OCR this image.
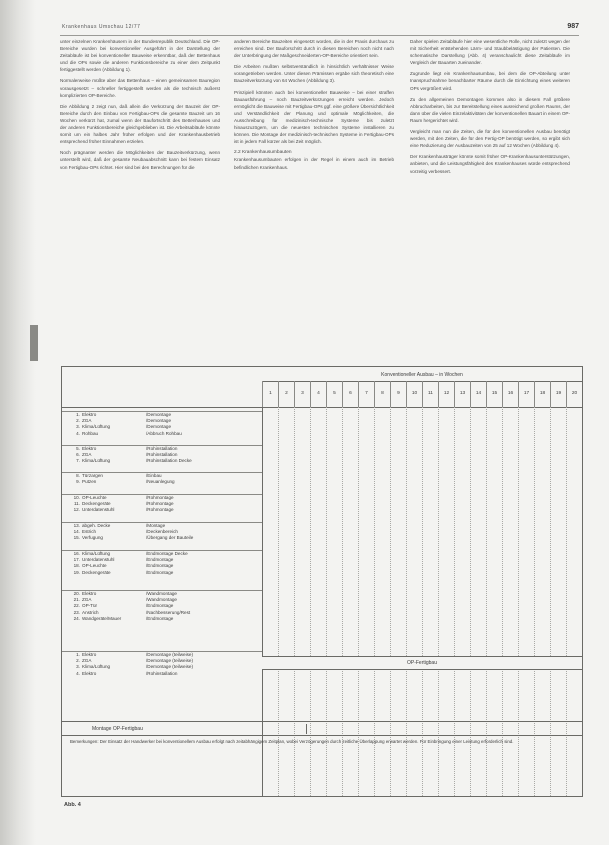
Krankenhaus Umschau 12/77	987

unter einzelnen Krankenhäusern in der Bundesrepublik Deutschland. Die OP-Bereiche wurden bei konventioneller Ausgeführt in der Darstellung der Zeitabläufe ist bei konventioneller Bauweise erkenntbar, daß der Bettenhaus und die OPs sowie die anderen Funktionsbereiche zu einer dem Zeitpunkt fertiggestellt werden (Abbildung 1).

Normalerweise müßte aber das Bettenhaus – einen gemeinsamen Bauregion vorausgesetzt – schneller fertiggestellt werden als die technisch äußerst komplizierten OP-Bereiche.

Die Abbildung 2 zeigt nun, daß allein die Verkürzung der Bauzeit der OP-Bereiche durch den Einbau von Fertigbau-OPs die gesamte Bauzeit um 16 Wochen verkürzt hat, zumal wenn der Baufortschritt des Bettenhauses und der anderen Funktionsbereiche gleichgeblieben ist. Die Arbeitsabläufe könnte somit um ein halbes Jahr früher erfolgen und der Krankenhausbetrieb entsprechend früher Einnahmen erzielen.

Noch prägnanter werden die Möglichkeiten der Bauzeitverkürzung, wenn unterstellt wird, daß der gesamte Neubauabschnitt kann bei festem Einsatz von Fertigbau-OPs richtet. Hier sind bei den Berechnungen für die

anderen Bereiche Bauzeiten eingesetzt worden, die in der Praxis durchaus zu erreichen sind. Der Bauforschritt durch in diesen Bereichen noch nicht nach der Unterbringung der Maßgeschneiderten-OP-Bereiche orientiert sein.

Die Arbeiten mußten selbstverständlich in hinsichtlich verhältnisser Weise vorangetrieben werden. Unter diesen Prämissen ergäbe sich theoretisch eine Bauzeitverkürzung von 64 Wochen (Abbildung 3).

Prinzipiell könnten auch bei konventioneller Bauweise – bei einer straffen Bauausführung – noch Bauzeitverkürzungen erreicht werden. Jedoch ermöglicht die Bauweise mit Fertigbau-OPs ggf. eine größere Übersichtlichkeit und Verständlichkeit der Planung und optimale Möglichkeiten, die Ausschreibung für medizinisch-technische Systeme bis zuletzt hinauszuzögern, um die neuesten technischen Systeme installieren zu können. Die Montage der medizinisch-technischen Systeme in Fertigbau-OPs ist in jedem Fall kürzer als bei Zeit möglich.

2.2 Krankenhausumbauten

Krankenhausumbauten erfolgen in der Regel in einem auch im Betrieb befindlichen Krankenhaus.

Daher spielen Zeitabläufe hier eine wesentliche Rolle, nicht zuletzt wegen der mit Sicherheit entstehenden Lärm- und Staubbelästigung der Patienten. Die schematische Darstellung (Abb. 4) veranschaulicht diese Zeitabläufe im Vergleich der Bauarten zueinander.

Zugrunde liegt ein Krankenhausumbau, bei dem die OP-Abteilung unter Inanspruchnahme benachbarter Räume durch die Einrichtung eines weiteren OPs vergrößert wird.

Zu den allgemeinen Demontagen kommen also in diesem Fall größere Abbrucharbeiten, bis zur Bereitstellung eines ausreichend großen Raums, der dann über die vielen Einzelaktivitäten der konventionellen Bauart in einem OP-Raum hergerichtet wird.

Vergleicht man nun die Zeiten, die für den konventionellen Ausbau benötigt werden, mit den Zeiten, die für den Fertig-OP benötigt werden, so ergibt sich eine Reduzierung der Ausbauzeiten von 25 auf 12 Wochen (Abbildung 4).

Der Krankenhausträger könnte somit früher OP-Krankenhausunterstützungen, anbieten, und die Leistungsfähigkeit des Krankenhauses würde entsprechend vorzeitig verbessert.

Konventioneller Ausbau – in Wochen
1	2	3	4	5	6	7	8	9	10	11	12	13	14	15	16	17	18	19	20
1. Elektro	/Demontage
2. ZGA	/Demontage
3. Klima/Lüftung	/Demontage
4. Rohbau	/Abbruch Rohbau
5. Elektro	/Rohinstallation
6. ZGA	/Rohinstallation
7. Klima/Lüftung	/Rohinstallation Decke
8. Türzargen	/Einbau
9. Putzen	/Neuanlegung
10. OP-Leuchte	/Rohmontage
11. Deckengeräte	/Rohmontage
12. Unterdatenstuhl	/Rohmontage
13. abgeh. Decke	/Montage
14. Estrich	/Deckenbereich
15. Verfugung	/Übergang der Bauteile
16. Klima/Lüftung	/Endmontage Decke
17. Unterdatenstuhl	/Endmontage
18. OP-Leuchte	/Endmontage
19. Deckengeräte	/Endmontage
20. Elektro	/Wandmontage
21. ZGA	/Wandmontage
22. OP-Tür	/Endmontage
23. Anstrich	/Nachbesserung/Rest
24. Wandgeräte/Mauer	/Endmontage
1. Elektro	/Demontage (teilweise)
2. ZGA	/Demontage (teilweise)
3. Klima/Lüftung	/Demontage (teilweise)
4. Elektro	/Rohinstallation
OP-Fertigbau
Montage OP-Fertigbau
Bemerkungen: Der Einsatz der Handwerker bei konventionellem Ausbau erfolgt nach zeitabhängigem Zeitplan, wobei Verzögerungen durch zeitliche Überlappung erwartet werden. Für Einbringung einer Leistung erforderlich sind.
Abb. 4
